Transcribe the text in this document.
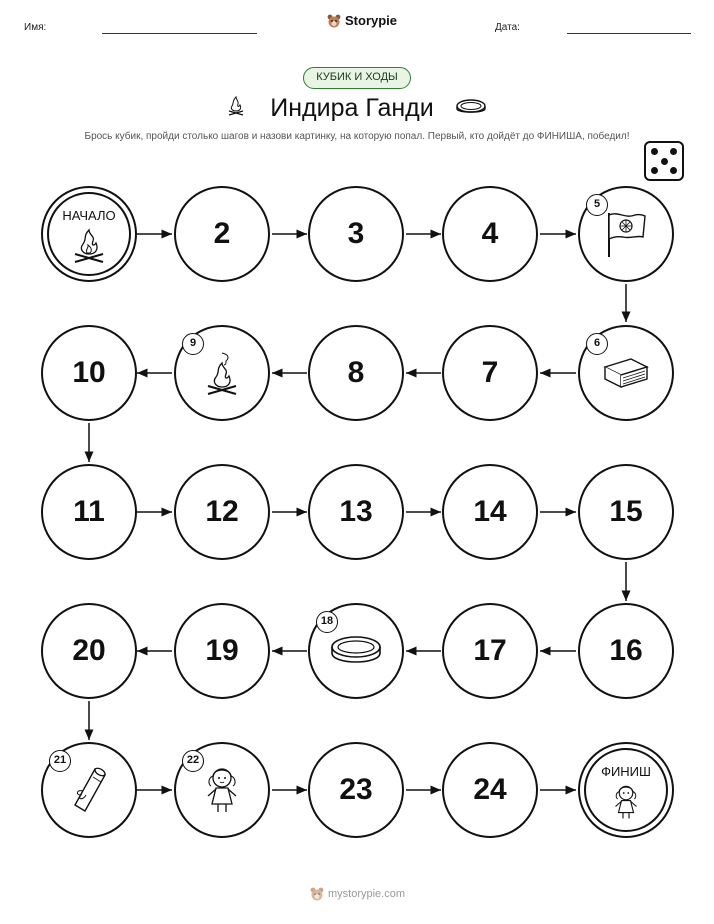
Имя:	Storypie	Дата:
КУБИК И ХОДЫ
Индира Ганди
Брось кубик, пройди столько шагов и назови картинку, на которую попал. Первый, кто дойдёт до ФИНИША, победил!
НАЧАЛО
2	3	4
5
10
9
8	7
6
11	12	13	14	15
20	19
18
17	16
21	22
23	24
ФИНИШ
mystorypie.com
